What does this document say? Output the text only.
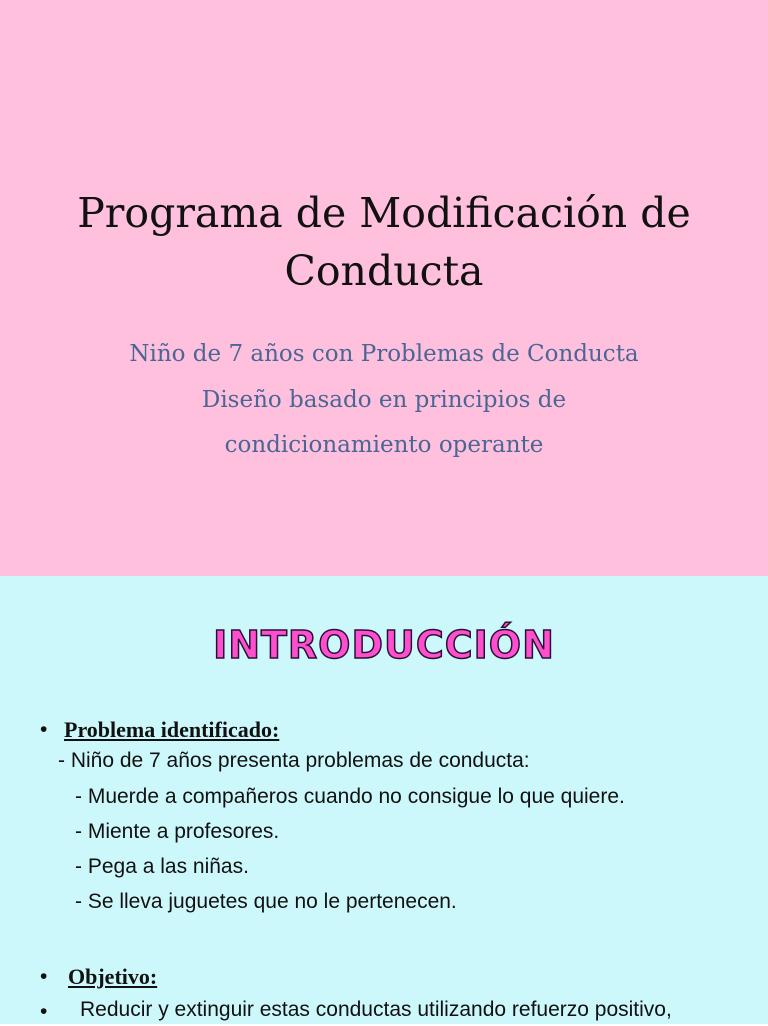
Programa de Modificación de
Conducta

Niño de 7 años con Problemas de Conducta

Diseño basado en principios de
condicionamiento operante

INTRODUCCIÓN
• Problema identificado:
- Niño de 7 años presenta problemas de conducta:
- Muerde a compañeros cuando no consigue lo que quiere.
- Miente a profesores.
- Pega a las niñas.
- Se lleva juguetes que no le pertenecen.
• Objetivo:
• Reducir y extinguir estas conductas utilizando refuerzo positivo,
